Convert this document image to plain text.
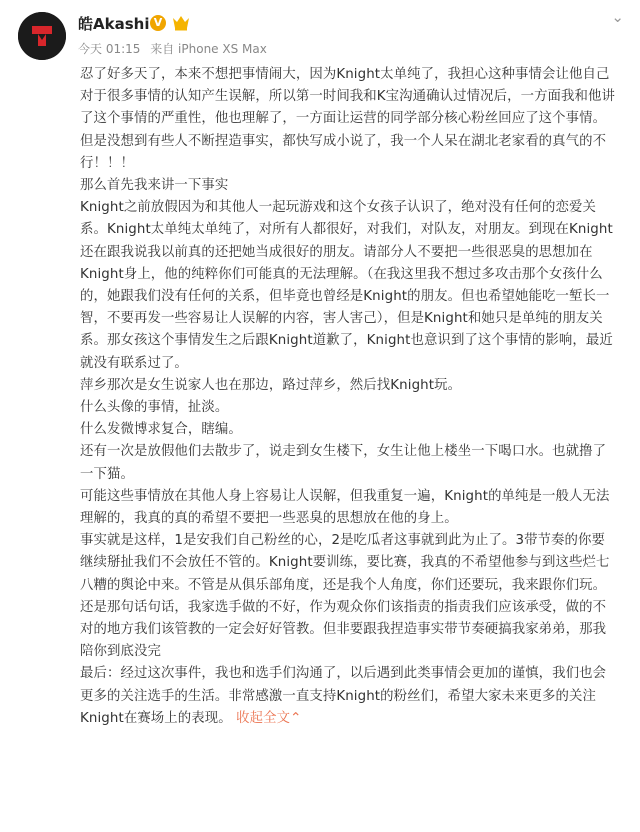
皓Akashi V
今天 01:15 来自 iPhone XS Max
⌄

忍了好多天了，本来不想把事情闹大，因为Knight太单纯了，我担心这种事情会让他自己对于很多事情的认知产生误解，所以第一时间我和K宝沟通确认过情况后，一方面我和他讲了这个事情的严重性，他也理解了，一方面让运营的同学部分核心粉丝回应了这个事情。但是没想到有些人不断捏造事实，都快写成小说了，我一个人呆在湖北老家看的真气的不行！！！

那么首先我来讲一下事实

Knight之前放假因为和其他人一起玩游戏和这个女孩子认识了，绝对没有任何的恋爱关系。Knight太单纯太单纯了，对所有人都很好，对我们，对队友，对朋友。到现在Knight还在跟我说我以前真的还把她当成很好的朋友。请部分人不要把一些很恶臭的思想加在Knight身上，他的纯粹你们可能真的无法理解。（在我这里我不想过多攻击那个女孩什么的，她跟我们没有任何的关系，但毕竟也曾经是Knight的朋友。但也希望她能吃一堑长一智，不要再发一些容易让人误解的内容，害人害己），但是Knight和她只是单纯的朋友关系。那女孩这个事情发生之后跟Knight道歉了，Knight也意识到了这个事情的影响，最近就没有联系过了。

萍乡那次是女生说家人也在那边，路过萍乡，然后找Knight玩。

什么头像的事情，扯淡。

什么发微博求复合，瞎编。

还有一次是放假他们去散步了，说走到女生楼下，女生让他上楼坐一下喝口水。也就撸了一下猫。

可能这些事情放在其他人身上容易让人误解，但我重复一遍，Knight的单纯是一般人无法理解的，我真的真的希望不要把一些恶臭的思想放在他的身上。

事实就是这样，1是安我们自己粉丝的心，2是吃瓜者这事就到此为止了。3带节奏的你要继续掰扯我们不会放任不管的。Knight要训练，要比赛，我真的不希望他参与到这些烂七八糟的舆论中来。不管是从俱乐部角度，还是我个人角度，你们还要玩，我来跟你们玩。

还是那句话句话，我家选手做的不好，作为观众你们该指责的指责我们应该承受，做的不对的地方我们该管教的一定会好好管教。但非要跟我捏造事实带节奏硬搞我家弟弟，那我陪你到底没完

最后：经过这次事件，我也和选手们沟通了，以后遇到此类事情会更加的谨慎，我们也会更多的关注选手的生活。非常感激一直支持Knight的粉丝们，希望大家未来更多的关注Knight在赛场上的表现。 收起全文⌃
